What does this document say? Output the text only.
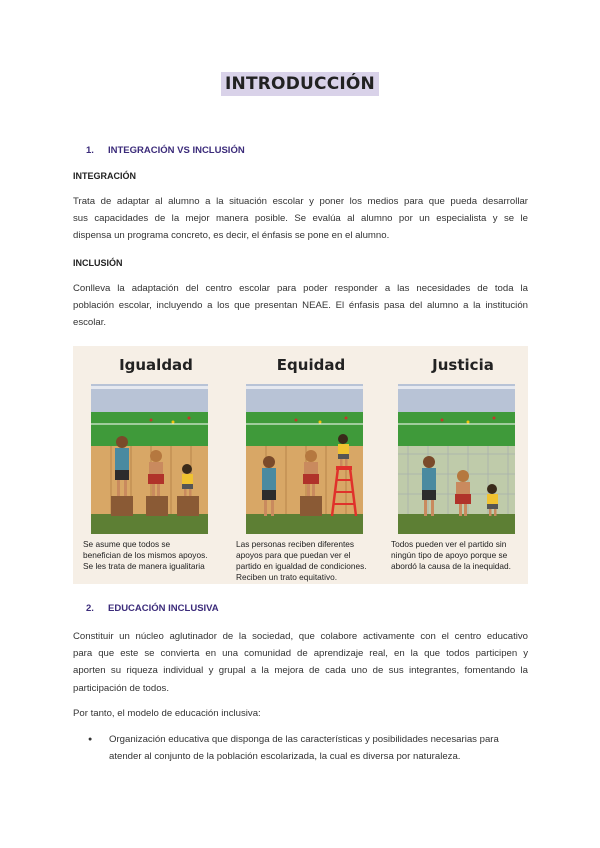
INTRODUCCIÓN
1. INTEGRACIÓN VS INCLUSIÓN
INTEGRACIÓN
Trata de adaptar al alumno a la situación escolar y poner los medios para que pueda desarrollar
sus capacidades de la mejor manera posible. Se evalúa al alumno por un especialista y se le
dispensa un programa concreto, es decir, el énfasis se pone en el alumno.
INCLUSIÓN
Conlleva la adaptación del centro escolar para poder responder a las necesidades de toda la
población escolar, incluyendo a los que presentan NEAE. El énfasis pasa del alumno a la institución
escolar.
Igualdad
Se asume que todos se
benefician de los mismos apoyos.
Se les trata de manera igualitaria
Equidad
Las personas reciben diferentes
apoyos para que puedan ver el
partido en igualdad de condiciones.
Reciben un trato equitativo.
Justicia
Todos pueden ver el partido sin
ningún tipo de apoyo porque se
abordó la causa de la inequidad.
2. EDUCACIÓN INCLUSIVA
Constituir un núcleo aglutinador de la sociedad, que colabore activamente con el centro educativo
para que este se convierta en una comunidad de aprendizaje real, en la que todos participen y
aporten su riqueza individual y grupal a la mejora de cada uno de sus integrantes, fomentando la
participación de todos.
Por tanto, el modelo de educación inclusiva:
● Organización educativa que disponga de las características y posibilidades necesarias para
atender al conjunto de la población escolarizada, la cual es diversa por naturaleza.
